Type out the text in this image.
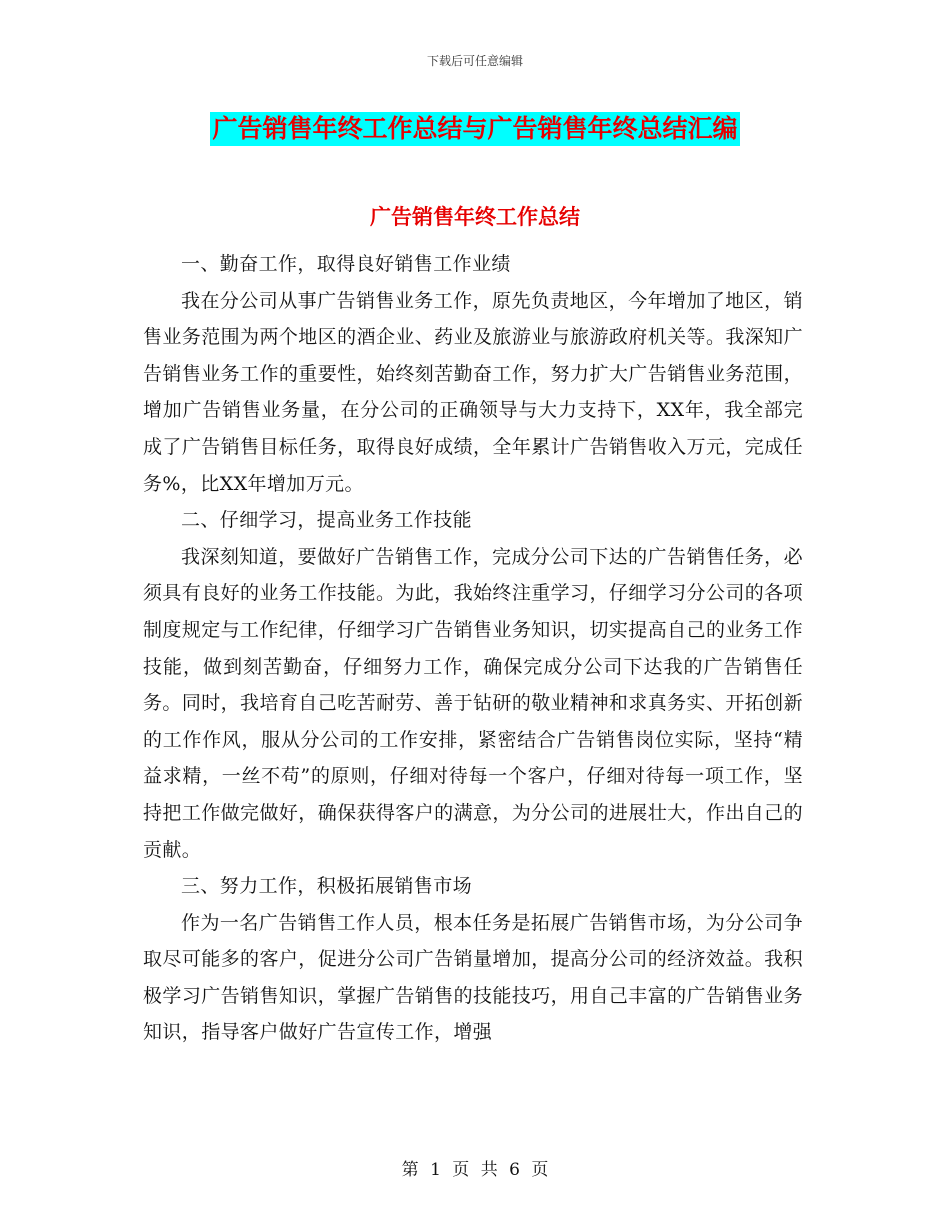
下载后可任意编辑
广告销售年终工作总结与广告销售年终总结汇编
广告销售年终工作总结

一、勤奋工作，取得良好销售工作业绩

我在分公司从事广告销售业务工作，原先负责地区，今年增加了地区，销售业务范围为两个地区的酒企业、药业及旅游业与旅游政府机关等。我深知广告销售业务工作的重要性，始终刻苦勤奋工作，努力扩大广告销售业务范围，增加广告销售业务量，在分公司的正确领导与大力支持下，XX年，我全部完成了广告销售目标任务，取得良好成绩，全年累计广告销售收入万元，完成任务%，比XX年增加万元。

二、仔细学习，提高业务工作技能

我深刻知道，要做好广告销售工作，完成分公司下达的广告销售任务，必须具有良好的业务工作技能。为此，我始终注重学习，仔细学习分公司的各项制度规定与工作纪律，仔细学习广告销售业务知识，切实提高自己的业务工作技能，做到刻苦勤奋，仔细努力工作，确保完成分公司下达我的广告销售任务。同时，我培育自己吃苦耐劳、善于钻研的敬业精神和求真务实、开拓创新的工作作风，服从分公司的工作安排，紧密结合广告销售岗位实际，坚持“精益求精，一丝不苟”的原则，仔细对待每一个客户，仔细对待每一项工作，坚持把工作做完做好，确保获得客户的满意，为分公司的进展壮大，作出自己的贡献。

三、努力工作，积极拓展销售市场

作为一名广告销售工作人员，根本任务是拓展广告销售市场，为分公司争取尽可能多的客户，促进分公司广告销量增加，提高分公司的经济效益。我积极学习广告销售知识，掌握广告销售的技能技巧，用自己丰富的广告销售业务知识，指导客户做好广告宣传工作，增强

第 1 页 共 6 页
